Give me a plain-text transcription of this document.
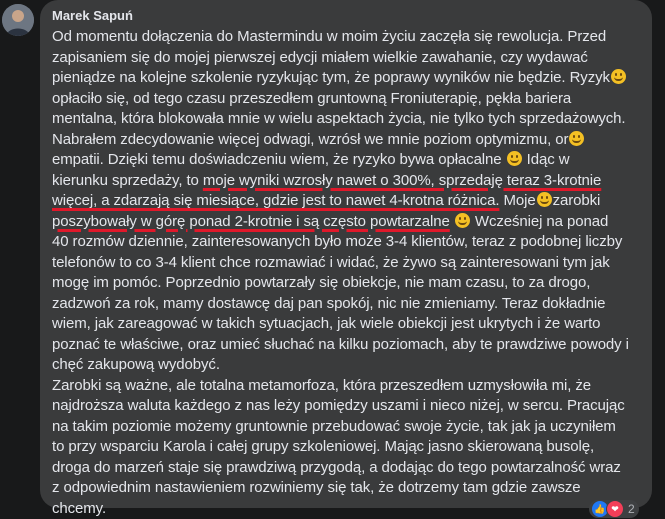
Marek Sapuń
Od momentu dołączenia do Mastermindu w moim życiu zaczęła się rewolucja. Przed
zapisaniem się do mojej pierwszej edycji miałem wielkie zawahanie, czy wydawać
pieniądze na kolejne szkolenie ryzykując tym, że poprawy wyników nie będzie. Ryzyk
opłaciło się, od tego czasu przeszedłem gruntowną Froniuterapię, pękła bariera
mentalna, która blokowała mnie w wielu aspektach życia, nie tylko tych sprzedażowych.
Nabrałem zdecydowanie więcej odwagi, wzrósł we mnie poziom optymizmu, or
empatii. Dzięki temu doświadczeniu wiem, że ryzyko bywa opłacalne
Idąc w
kierunku sprzedaży, to moje wyniki wzrosły nawet o 300%, sprzedaję teraz 3-krotnie
więcej, a zdarzają się miesiące, gdzie jest to nawet 4-krotna różnica. Moje zarobki
poszybowały w górę ponad 2-krotnie i są często powtarzalne
Wcześniej na ponad
40 rozmów dziennie, zainteresowanych było może 3-4 klientów, teraz z podobnej liczby
telefonów to co 3-4 klient chce rozmawiać i widać, że żywo są zainteresowani tym jak
mogę im pomóc. Poprzednio powtarzały się obiekcje, nie mam czasu, to za drogo,
zadzwoń za rok, mamy dostawcę daj pan spokój, nic nie zmieniamy. Teraz dokładnie
wiem, jak zareagować w takich sytuacjach, jak wiele obiekcji jest ukrytych i że warto
poznać te właściwe, oraz umieć słuchać na kilku poziomach, aby te prawdziwe powody i
chęć zakupową wydobyć.
Zarobki są ważne, ale totalna metamorfoza, która przeszedłem uzmysłowiła mi, że
najdroższa waluta każdego z nas leży pomiędzy uszami i nieco niżej, w sercu. Pracując
na takim poziomie możemy gruntownie przebudować swoje życie, tak jak ja uczyniłem
to przy wsparciu Karola i całej grupy szkoleniowej. Mając jasno skierowaną busolę,
droga do marzeń staje się prawdziwą przygodą, a dodając do tego powtarzalność wraz
z odpowiednim nastawieniem rozwiniemy się tak, że dotrzemy tam gdzie zawsze
chcemy.	👍 ❤ 2
